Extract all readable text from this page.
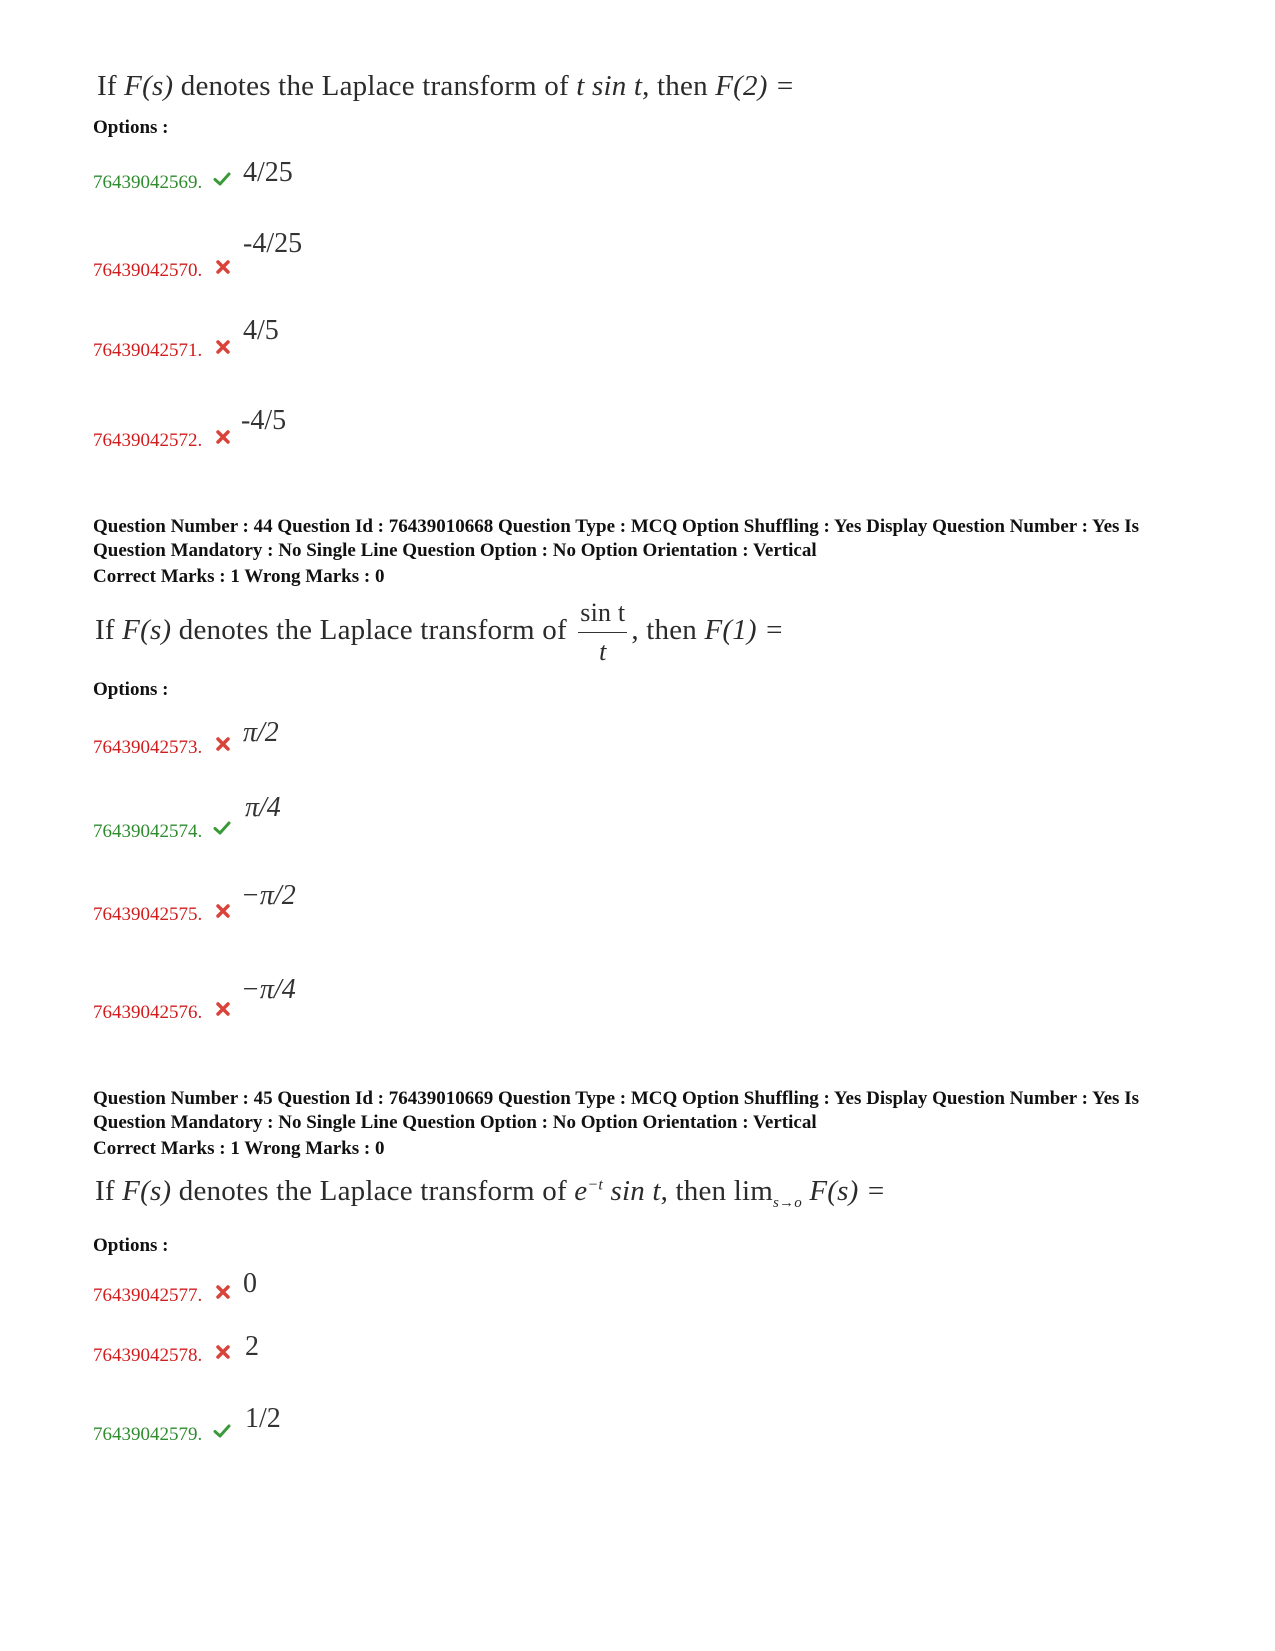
If F(s) denotes the Laplace transform of t sin t, then F(2) =
Options :
76439042569. 4/25
76439042570.
-4/25
76439042571.
4/5
76439042572.
-4/5
Question Number : 44 Question Id : 76439010668 Question Type : MCQ Option Shuffling : Yes Display Question Number : Yes Is Question Mandatory : No Single Line Question Option : No Option Orientation : Vertical
Correct Marks : 1 Wrong Marks : 0
If F(s) denotes the Laplace transform of $\frac{\text{sin t}}{t}$ , then F(1) =
Options :
76439042573. π/2
76439042574.
π/4
76439042575.
−π/2
76439042576.
−π/4
Question Number : 45 Question Id : 76439010669 Question Type : MCQ Option Shuffling : Yes Display Question Number : Yes Is Question Mandatory : No Single Line Question Option : No Option Orientation : Vertical
Correct Marks : 1 Wrong Marks : 0
If F(s) denotes the Laplace transform of $e^{-t}$ sin t, then $\lim_{s\to o} F(s)$ =
Options :
76439042577. 0
76439042578. 2
76439042579.
1/2
